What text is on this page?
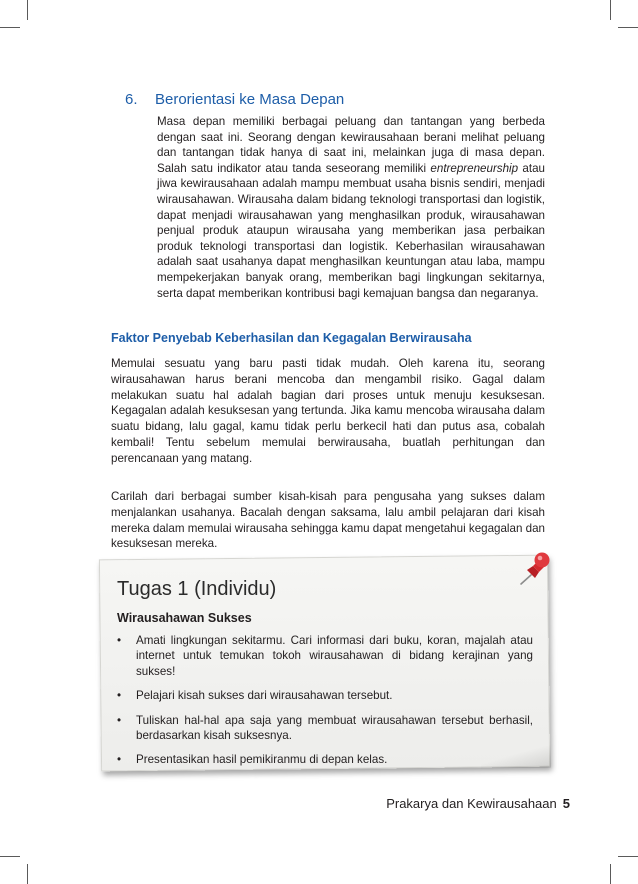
6. Berorientasi ke Masa Depan
Masa depan memiliki berbagai peluang dan tantangan yang berbeda dengan saat ini. Seorang dengan kewirausahaan berani melihat peluang dan tantangan tidak hanya di saat ini, melainkan juga di masa depan. Salah satu indikator atau tanda seseorang memiliki entrepreneurship atau jiwa kewirausahaan adalah mampu membuat usaha bisnis sendiri, menjadi wirausahawan. Wirausaha dalam bidang teknologi transportasi dan logistik, dapat menjadi wirausahawan yang menghasilkan produk, wirausahawan penjual produk ataupun wirausaha yang memberikan jasa perbaikan produk teknologi transportasi dan logistik. Keberhasilan wirausahawan adalah saat usahanya dapat menghasilkan keuntungan atau laba, mampu mempekerjakan banyak orang, memberikan bagi lingkungan sekitarnya, serta dapat memberikan kontribusi bagi kemajuan bangsa dan negaranya.
Faktor Penyebab Keberhasilan dan Kegagalan Berwirausaha
Memulai sesuatu yang baru pasti tidak mudah. Oleh karena itu, seorang wirausahawan harus berani mencoba dan mengambil risiko. Gagal dalam melakukan suatu hal adalah bagian dari proses untuk menuju kesuksesan. Kegagalan adalah kesuksesan yang tertunda. Jika kamu mencoba wirausaha dalam suatu bidang, lalu gagal, kamu tidak perlu berkecil hati dan putus asa, cobalah kembali! Tentu sebelum memulai berwirausaha, buatlah perhitungan dan perencanaan yang matang.
Carilah dari berbagai sumber kisah-kisah para pengusaha yang sukses dalam menjalankan usahanya. Bacalah dengan saksama, lalu ambil pelajaran dari kisah mereka dalam memulai wirausaha sehingga kamu dapat mengetahui kegagalan dan kesuksesan mereka.
Tugas 1 (Individu)
Wirausahawan Sukses
• Amati lingkungan sekitarmu. Cari informasi dari buku, koran, majalah atau internet untuk temukan tokoh wirausahawan di bidang kerajinan yang sukses!
• Pelajari kisah sukses dari wirausahawan tersebut.
• Tuliskan hal-hal apa saja yang membuat wirausahawan tersebut berhasil, berdasarkan kisah suksesnya.
• Presentasikan hasil pemikiranmu di depan kelas.
Prakarya dan Kewirausahaan 5
